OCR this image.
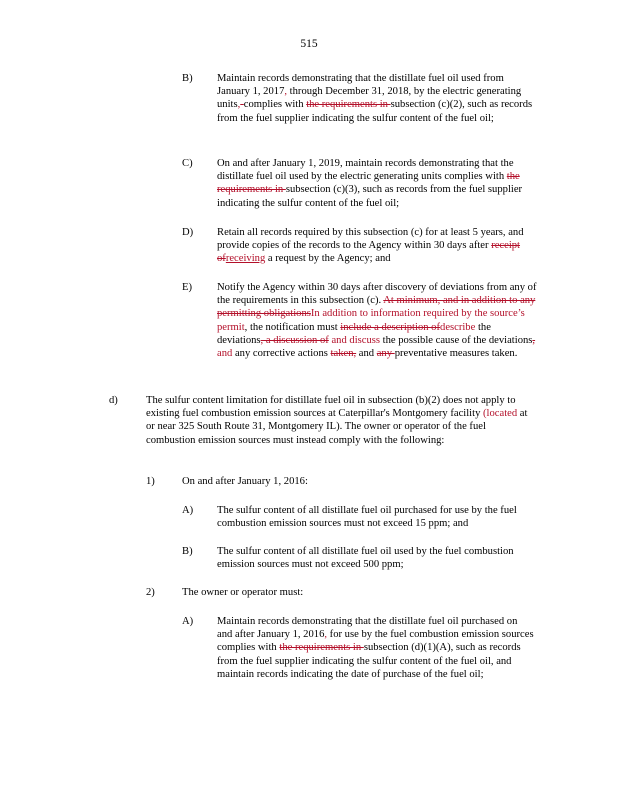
515
B) Maintain records demonstrating that the distillate fuel oil used from January 1, 2017, through December 31, 2018, by the electric generating units,-complies with the requirements in subsection (c)(2), such as records from the fuel supplier indicating the sulfur content of the fuel oil;
C) On and after January 1, 2019, maintain records demonstrating that the distillate fuel oil used by the electric generating units complies with the requirements in subsection (c)(3), such as records from the fuel supplier indicating the sulfur content of the fuel oil;
D) Retain all records required by this subsection (c) for at least 5 years, and provide copies of the records to the Agency within 30 days after receipt ofreceiving a request by the Agency; and
E) Notify the Agency within 30 days after discovery of deviations from any of the requirements in this subsection (c). At minimum, and in addition to any permitting obligationsIn addition to information required by the source’s permit, the notification must include a description ofdescribe the deviations, a discussion of and discuss the possible cause of the deviations, and any corrective actions taken, and any preventative measures taken.
d)	The sulfur content limitation for distillate fuel oil in subsection (b)(2) does not apply to existing fuel combustion emission sources at Caterpillar's Montgomery facility (located at or near 325 South Route 31, Montgomery IL). The owner or operator of the fuel combustion emission sources must instead comply with the following:
1)	On and after January 1, 2016:
A) The sulfur content of all distillate fuel oil purchased for use by the fuel combustion emission sources must not exceed 15 ppm; and
B) The sulfur content of all distillate fuel oil used by the fuel combustion emission sources must not exceed 500 ppm;
2)	The owner or operator must:
A) Maintain records demonstrating that the distillate fuel oil purchased on and after January 1, 2016, for use by the fuel combustion emission sources complies with the requirements in subsection (d)(1)(A), such as records from the fuel supplier indicating the sulfur content of the fuel oil, and maintain records indicating the date of purchase of the fuel oil;
